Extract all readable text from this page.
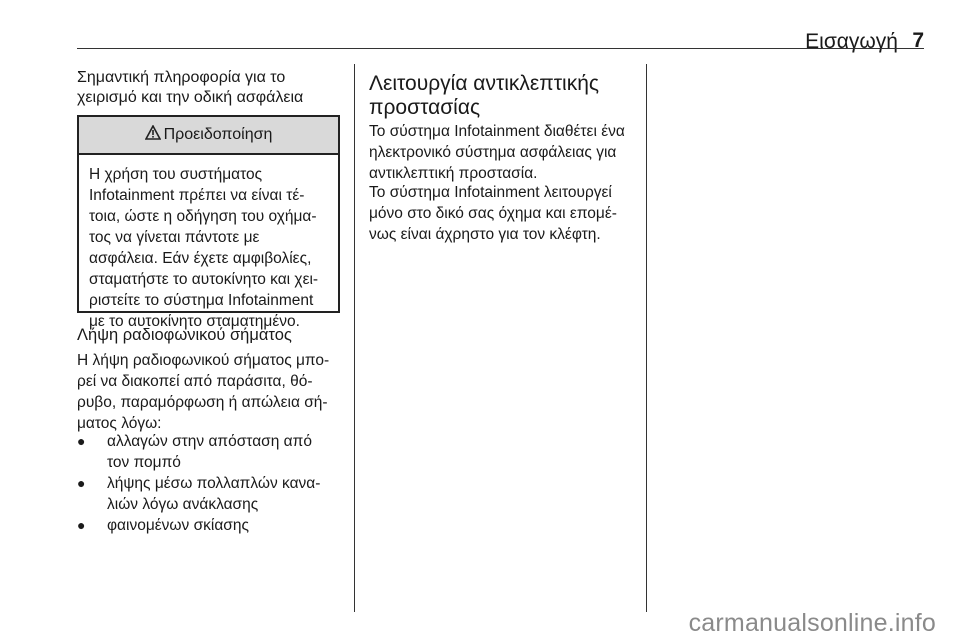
Εισαγωγή 7
Σημαντική πληροφορία για το
χειρισμό και την οδική ασφάλεια
Προειδοποίηση
Η χρήση του συστήματος
Infotainment πρέπει να είναι τέ-
τοια, ώστε η οδήγηση του οχήμα-
τος να γίνεται πάντοτε με
ασφάλεια. Εάν έχετε αμφιβολίες,
σταματήστε το αυτοκίνητο και χει-
ριστείτε το σύστημα Infotainment
με το αυτοκίνητο σταματημένο.
Λήψη ραδιοφωνικού σήματος
Η λήψη ραδιοφωνικού σήματος μπο-
ρεί να διακοπεί από παράσιτα, θό-
ρυβο, παραμόρφωση ή απώλεια σή-
ματος λόγω:
●	αλλαγών στην απόσταση από
τον πομπό
●	λήψης μέσω πολλαπλών κανα-
λιών λόγω ανάκλασης
●	φαινομένων σκίασης
Λειτουργία αντικλεπτικής
προστασίας
Το σύστημα Infotainment διαθέτει ένα
ηλεκτρονικό σύστημα ασφάλειας για
αντικλεπτική προστασία.
Το σύστημα Infotainment λειτουργεί
μόνο στο δικό σας όχημα και επομέ-
νως είναι άχρηστο για τον κλέφτη.
carmanualsonline.info
